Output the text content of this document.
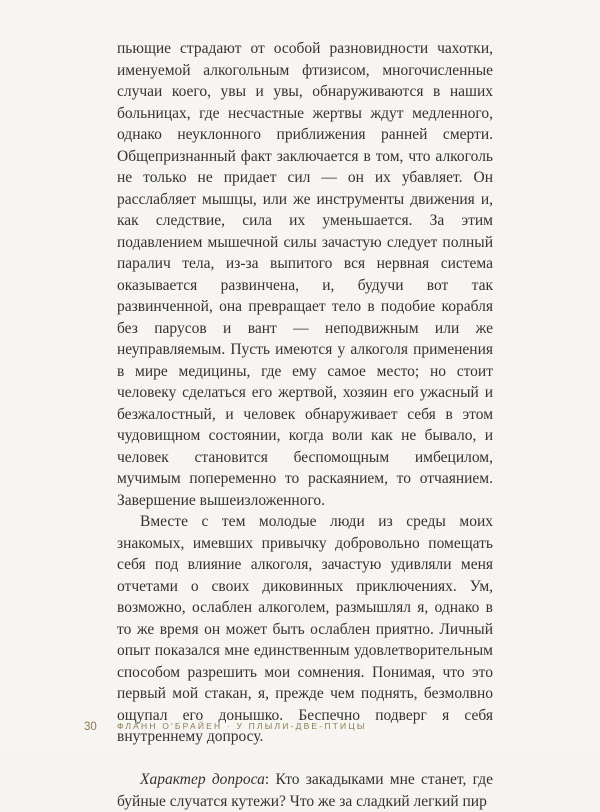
пьющие страдают от особой разновидности чахотки, именуемой алкогольным фтизисом, многочисленные случаи коего, увы и увы, обнаруживаются в наших больницах, где несчастные жертвы ждут медленного, однако неуклонного приближения ранней смерти. Общепризнанный факт заключается в том, что алкоголь не только не придает сил — он их убавляет. Он расслабляет мышцы, или же инструменты движения и, как следствие, сила их уменьшается. За этим подавлением мышечной силы зачастую следует полный паралич тела, из-за выпитого вся нервная система оказывается развинчена, и, будучи вот так развинченной, она превращает тело в подобие корабля без парусов и вант — неподвижным или же неуправляемым. Пусть имеются у алкоголя применения в мире медицины, где ему самое место; но стоит человеку сделаться его жертвой, хозяин его ужасный и безжалостный, и человек обнаруживает себя в этом чудовищном состоянии, когда воли как не бывало, и человек становится беспомощным имбецилом, мучимым попеременно то раскаянием, то отчаянием. Завершение вышеизложенного.

Вместе с тем молодые люди из среды моих знакомых, имевших привычку добровольно помещать себя под влияние алкоголя, зачастую удивляли меня отчетами о своих диковинных приключениях. Ум, возможно, ослаблен алкоголем, размышлял я, однако в то же время он может быть ослаблен приятно. Личный опыт показался мне единственным удовлетворительным способом разрешить мои сомнения. Понимая, что это первый мой стакан, я, прежде чем поднять, безмолвно ощупал его донышко. Беспечно подверг я себя внутреннему допросу.

Характер допроса: Кто закадыками мне станет, где буйные случатся кутежи? Что же за сладкий легкий пир

30 ФЛАНН О'БРАЙЕН · У ПЛЫЛИ-ДВЕ-ПТИЦЫ
